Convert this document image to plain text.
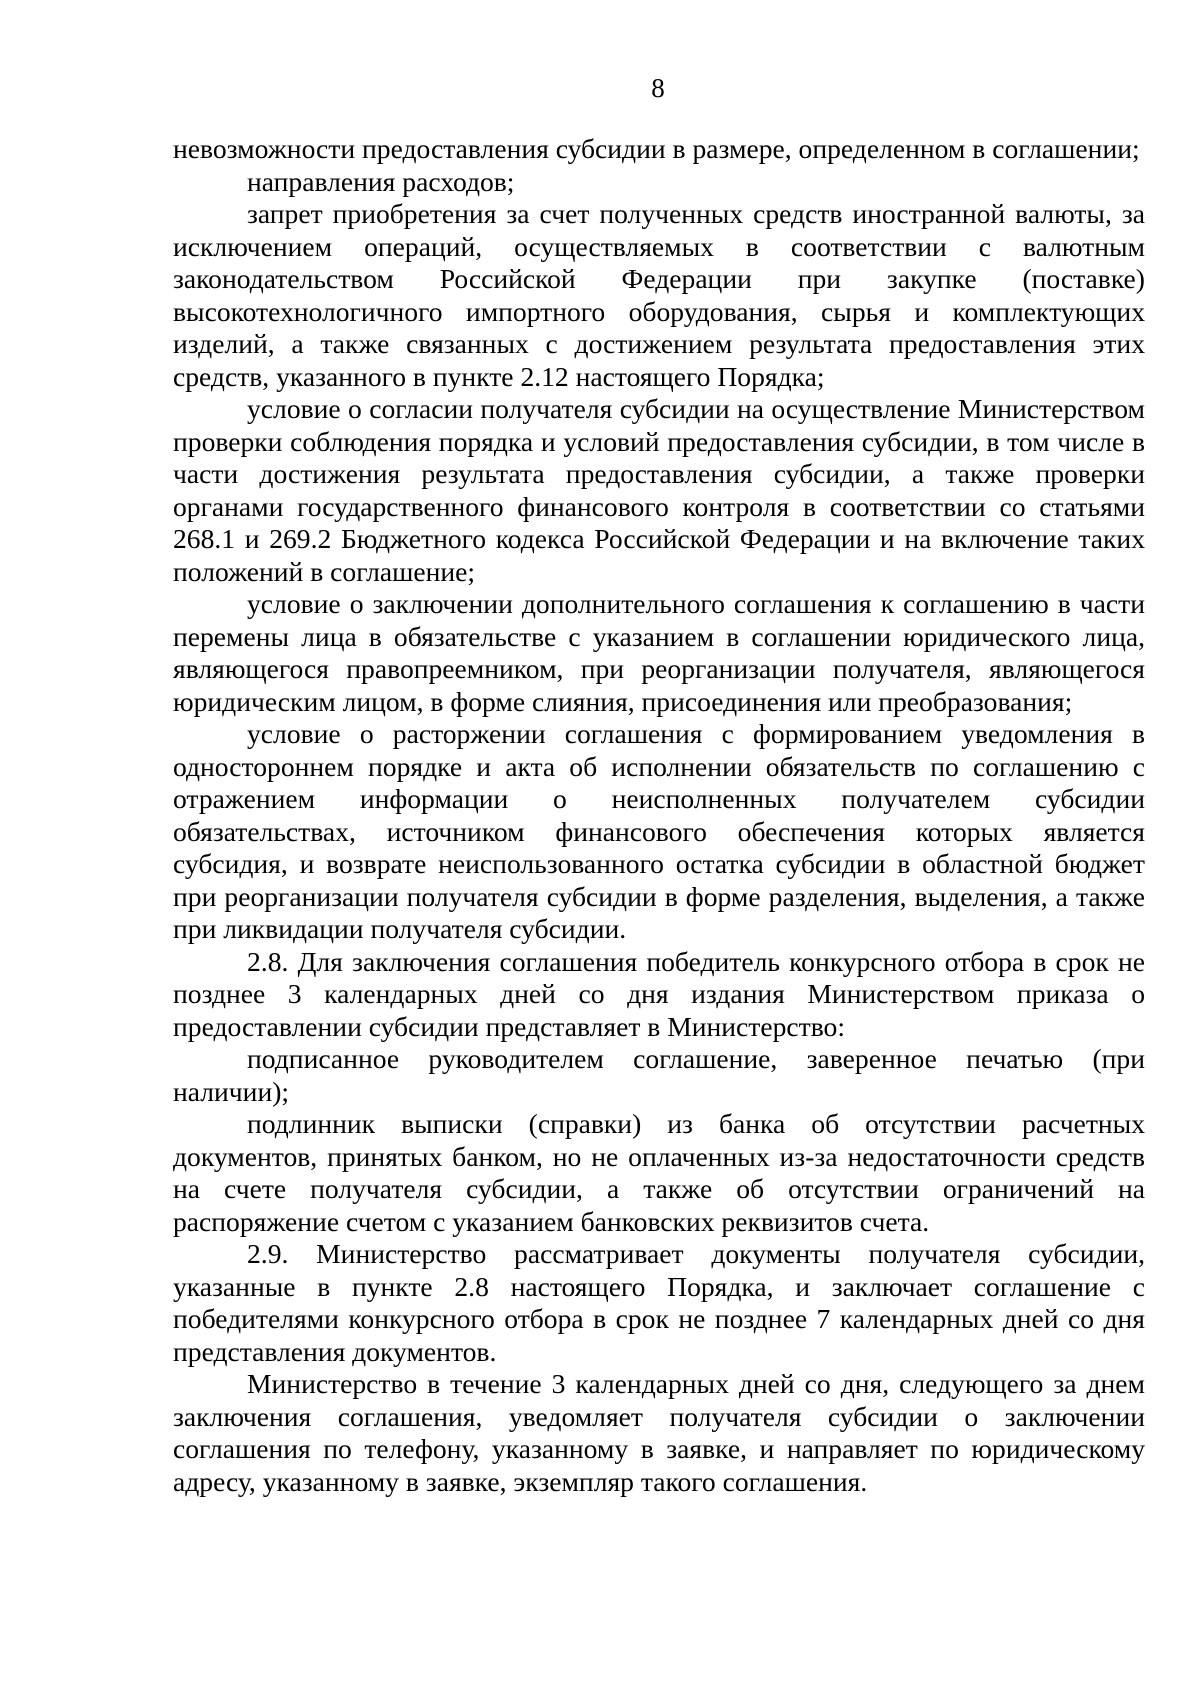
8

невозможности предоставления субсидии в размере, определенном в соглашении;

направления расходов;

запрет приобретения за счет полученных средств иностранной валюты, за исключением операций, осуществляемых в соответствии с валютным законодательством Российской Федерации при закупке (поставке) высокотехнологичного импортного оборудования, сырья и комплектующих изделий, а также связанных с достижением результата предоставления этих средств, указанного в пункте 2.12 настоящего Порядка;

условие о согласии получателя субсидии на осуществление Министерством проверки соблюдения порядка и условий предоставления субсидии, в том числе в части достижения результата предоставления субсидии, а также проверки органами государственного финансового контроля в соответствии со статьями 268.1 и 269.2 Бюджетного кодекса Российской Федерации и на включение таких положений в соглашение;

условие о заключении дополнительного соглашения к соглашению в части перемены лица в обязательстве с указанием в соглашении юридического лица, являющегося правопреемником, при реорганизации получателя, являющегося юридическим лицом, в форме слияния, присоединения или преобразования;

условие о расторжении соглашения с формированием уведомления в одностороннем порядке и акта об исполнении обязательств по соглашению с отражением информации о неисполненных получателем субсидии обязательствах, источником финансового обеспечения которых является субсидия, и возврате неиспользованного остатка субсидии в областной бюджет при реорганизации получателя субсидии в форме разделения, выделения, а также при ликвидации получателя субсидии.

2.8. Для заключения соглашения победитель конкурсного отбора в срок не позднее 3 календарных дней со дня издания Министерством приказа о предоставлении субсидии представляет в Министерство:

подписанное руководителем соглашение, заверенное печатью (при наличии);

подлинник выписки (справки) из банка об отсутствии расчетных документов, принятых банком, но не оплаченных из-за недостаточности средств на счете получателя субсидии, а также об отсутствии ограничений на распоряжение счетом с указанием банковских реквизитов счета.

2.9. Министерство рассматривает документы получателя субсидии, указанные в пункте 2.8 настоящего Порядка, и заключает соглашение с победителями конкурсного отбора в срок не позднее 7 календарных дней со дня представления документов.

Министерство в течение 3 календарных дней со дня, следующего за днем заключения соглашения, уведомляет получателя субсидии о заключении соглашения по телефону, указанному в заявке, и направляет по юридическому адресу, указанному в заявке, экземпляр такого соглашения.
